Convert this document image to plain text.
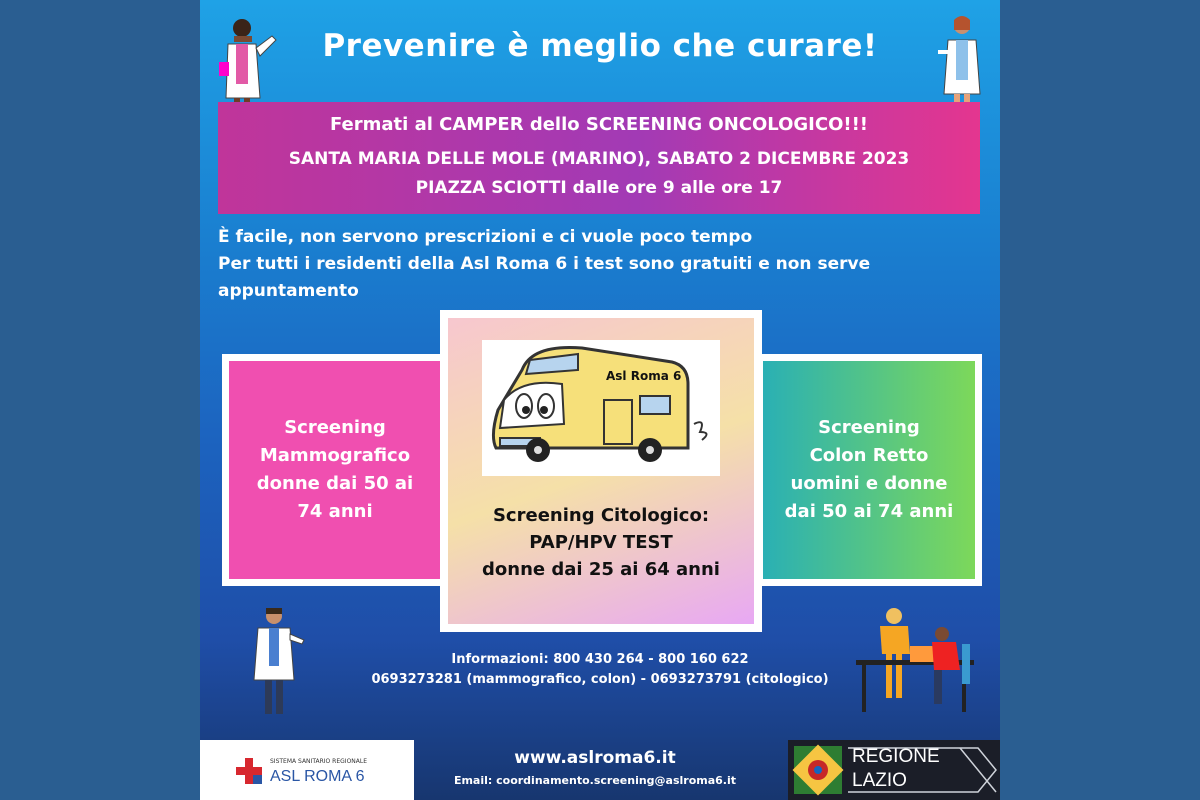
Prevenire è meglio che curare!
Fermati al CAMPER dello SCREENING ONCOLOGICO!!!
SANTA MARIA DELLE MOLE (MARINO), SABATO 2 DICEMBRE 2023
PIAZZA SCIOTTI dalle ore 9 alle ore 17
È facile, non servono prescrizioni e ci vuole poco tempo
Per tutti i residenti della Asl Roma 6 i test sono gratuiti e non serve appuntamento
Screening
Mammografico
donne dai 50 ai
74 anni
Screening
Colon Retto
uomini e donne
dai 50 ai 74 anni
Asl Roma 6
Screening Citologico:
PAP/HPV TEST
donne dai 25 ai 64 anni
Informazioni: 800 430 264 - 800 160 622
0693273281 (mammografico, colon) - 0693273791 (citologico)
SISTEMA SANITARIO REGIONALE
ASL ROMA 6
www.aslroma6.it
Email: coordinamento.screening@aslroma6.it
REGIONE
LAZIO
